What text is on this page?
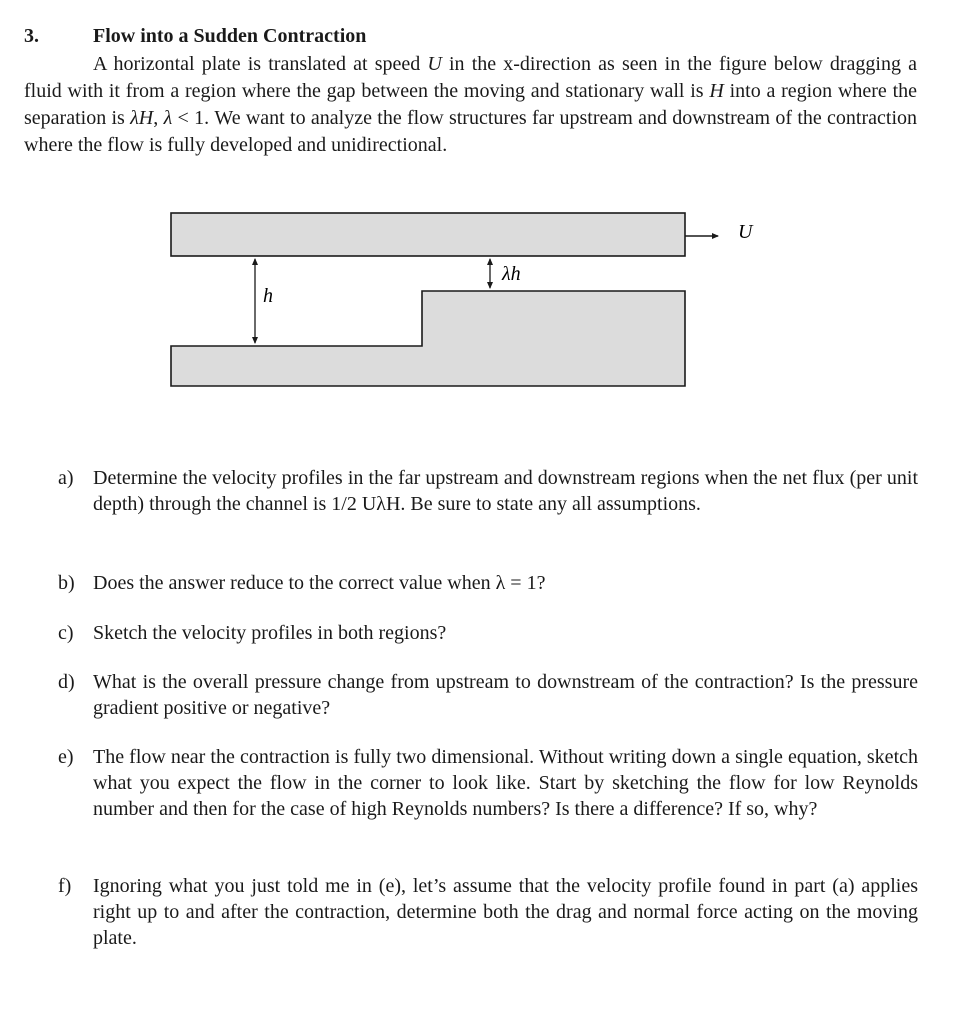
3.	Flow into a Sudden Contraction
A horizontal plate is translated at speed U in the x-direction as seen in the figure below dragging a fluid with it from a region where the gap between the moving and stationary wall is H into a region where the separation is λH, λ < 1. We want to analyze the flow structures far upstream and downstream of the contraction where the flow is fully developed and unidirectional.
U
h
λh
a) Determine the velocity profiles in the far upstream and downstream regions when the net flux (per unit depth) through the channel is 1/2 UλH. Be sure to state any all assumptions.
b) Does the answer reduce to the correct value when λ = 1?
c) Sketch the velocity profiles in both regions?
d) What is the overall pressure change from upstream to downstream of the contraction? Is the pressure gradient positive or negative?
e) The flow near the contraction is fully two dimensional. Without writing down a single equation, sketch what you expect the flow in the corner to look like. Start by sketching the flow for low Reynolds number and then for the case of high Reynolds numbers? Is there a difference? If so, why?
f) Ignoring what you just told me in (e), let’s assume that the velocity profile found in part (a) applies right up to and after the contraction, determine both the drag and normal force acting on the moving plate.
